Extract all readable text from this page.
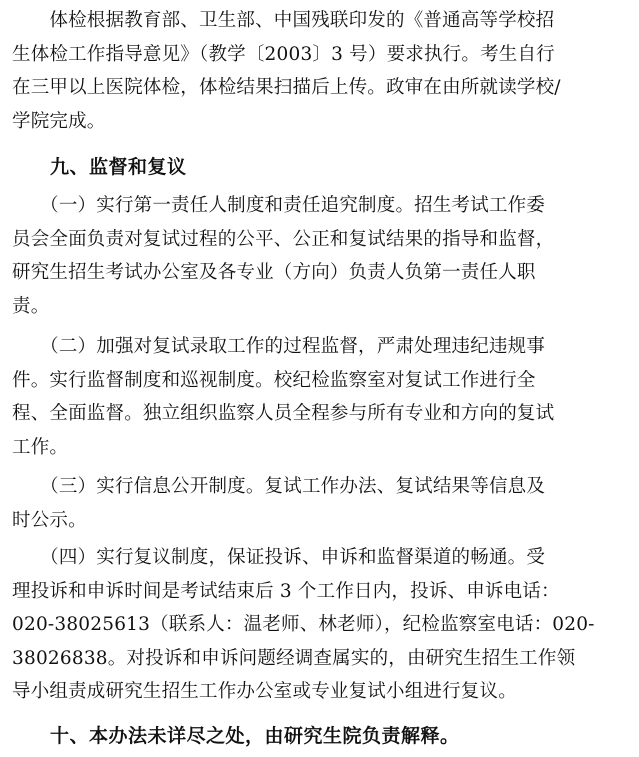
　　体检根据教育部、卫生部、中国残联印发的《普通高等学校招
生体检工作指导意见》（教学〔2003〕3 号）要求执行。考生自行
在三甲以上医院体检，体检结果扫描后上传。政审在由所就读学校/
学院完成。

九、监督和复议

　　（一）实行第一责任人制度和责任追究制度。招生考试工作委
员会全面负责对复试过程的公平、公正和复试结果的指导和监督，
研究生招生考试办公室及各专业（方向）负责人负第一责任人职
责。

　　（二）加强对复试录取工作的过程监督，严肃处理违纪违规事
件。实行监督制度和巡视制度。校纪检监察室对复试工作进行全
程、全面监督。独立组织监察人员全程参与所有专业和方向的复试
工作。

　　（三）实行信息公开制度。复试工作办法、复试结果等信息及
时公示。

　　（四）实行复议制度，保证投诉、申诉和监督渠道的畅通。受
理投诉和申诉时间是考试结束后 3 个工作日内，投诉、申诉电话：
020-38025613（联系人：温老师、林老师），纪检监察室电话：020-
38026838。对投诉和申诉问题经调查属实的，由研究生招生工作领
导小组责成研究生招生工作办公室或专业复试小组进行复议。

十、本办法未详尽之处，由研究生院负责解释。
